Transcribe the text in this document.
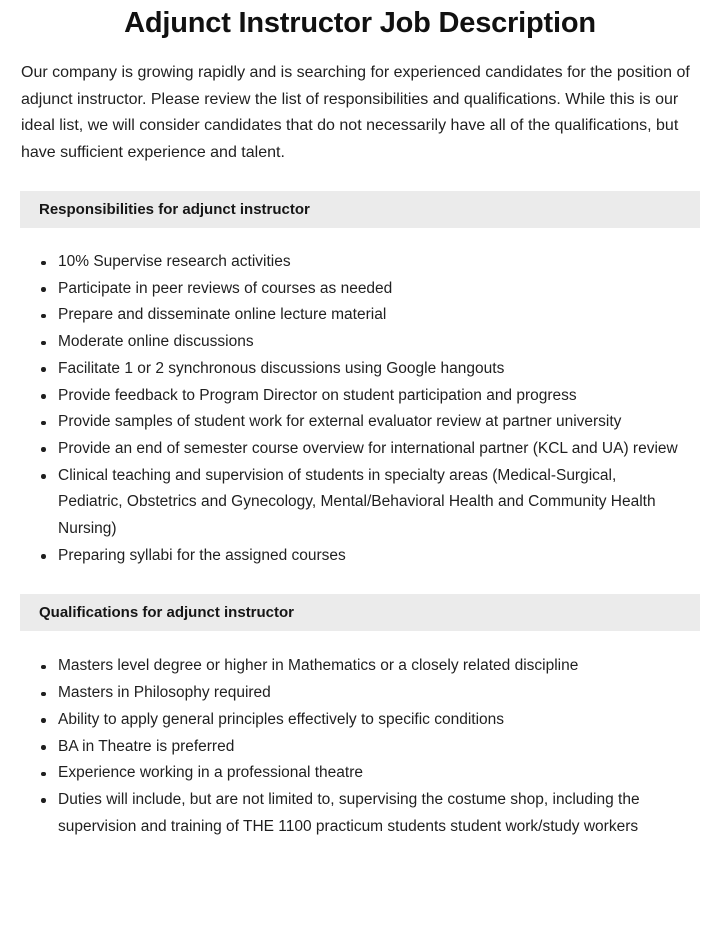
Adjunct Instructor Job Description

Our company is growing rapidly and is searching for experienced candidates for the position of adjunct instructor. Please review the list of responsibilities and qualifications. While this is our ideal list, we will consider candidates that do not necessarily have all of the qualifications, but have sufficient experience and talent.

Responsibilities for adjunct instructor
10% Supervise research activities
Participate in peer reviews of courses as needed
Prepare and disseminate online lecture material
Moderate online discussions
Facilitate 1 or 2 synchronous discussions using Google hangouts
Provide feedback to Program Director on student participation and progress
Provide samples of student work for external evaluator review at partner university
Provide an end of semester course overview for international partner (KCL and UA) review
Clinical teaching and supervision of students in specialty areas (Medical-Surgical, Pediatric, Obstetrics and Gynecology, Mental/Behavioral Health and Community Health Nursing)
Preparing syllabi for the assigned courses
Qualifications for adjunct instructor
Masters level degree or higher in Mathematics or a closely related discipline
Masters in Philosophy required
Ability to apply general principles effectively to specific conditions
BA in Theatre is preferred
Experience working in a professional theatre
Duties will include, but are not limited to, supervising the costume shop, including the supervision and training of THE 1100 practicum students student work/study workers
